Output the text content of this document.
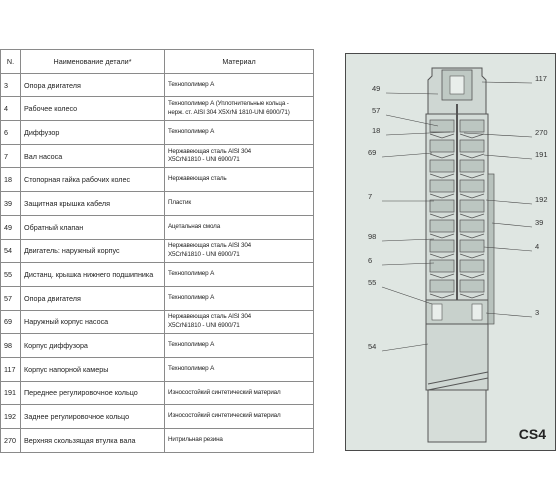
N.	Наименование детали*	Материал
3	Опора двигателя	Технополимер А

4	Рабочее колесо	Технополимер А (Уплотнительные кольца -
нерж. ст. AISI 304 X5XrNi 1810-UNI 6900/71)

6	Диффузор	Технополимер А

7	Вал насоса	Нержавеющая сталь AISI 304
X5CrNi1810 - UNI 6900/71

18	Стопорная гайка рабочих колес	Нержавеющая сталь

39	Защитная крышка кабеля	Пластик

49	Обратный клапан	Ацетальная смола

54	Двигатель: наружный корпус	Нержавеющая сталь AISI 304
X5CrNi1810 - UNI 6900/71

55	Дистанц. крышка нижнего подшипника	Технополимер А

57	Опора двигателя	Технополимер А

69	Наружный корпус насоса	Нержавеющая сталь AISI 304
X5CrNi1810 - UNI 6900/71

98	Корпус диффузора	Технополимер А

117	Корпус напорной камеры	Технополимер А

191	Переднее регулировочное кольцо	Износостойкий синтетический материал

192	Заднее регулировочное кольцо	Износостойкий синтетический материал

270	Верхняя скользящая втулка вала	Нитрильная резина
49
57
18
69
7
98
6
55
54
117
270
191
192
39
4
3
CS4
